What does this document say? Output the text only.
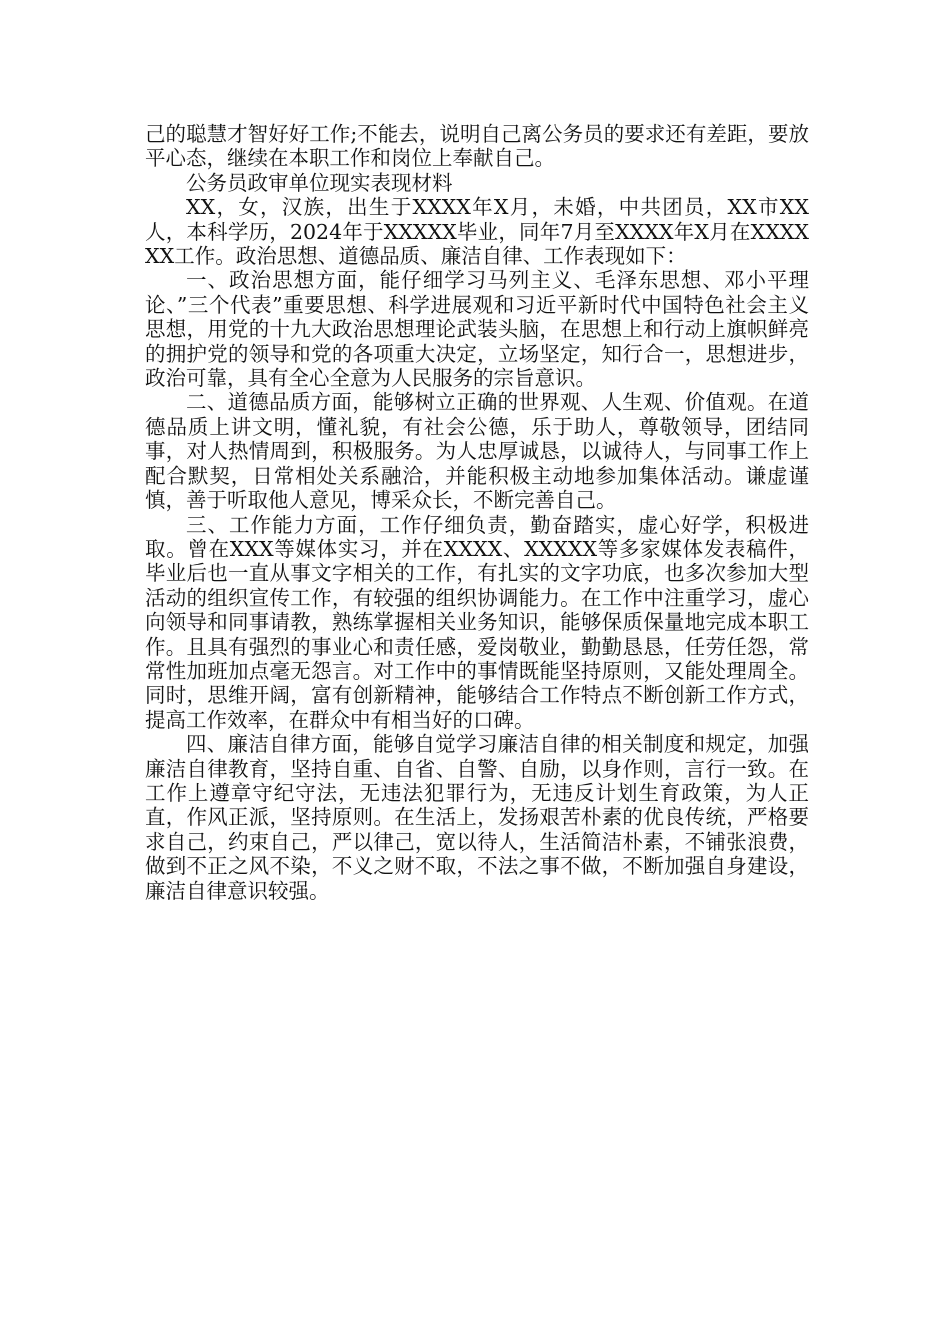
己的聪慧才智好好工作;不能去，说明自己离公务员的要求还有差距，要放平心态，继续在本职工作和岗位上奉献自己。

公务员政审单位现实表现材料

XX，女，汉族，出生于XXXX年X月，未婚，中共团员，XX市XX人，本科学历，2024年于XXXXX毕业，同年7月至XXXX年X月在XXXXXX工作。政治思想、道德品质、廉洁自律、工作表现如下：

一、政治思想方面，能仔细学习马列主义、毛泽东思想、邓小平理论、”三个代表”重要思想、科学进展观和习近平新时代中国特色社会主义思想，用党的十九大政治思想理论武装头脑，在思想上和行动上旗帜鲜亮的拥护党的领导和党的各项重大决定，立场坚定，知行合一，思想进步，政治可靠，具有全心全意为人民服务的宗旨意识。

二、道德品质方面，能够树立正确的世界观、人生观、价值观。在道德品质上讲文明，懂礼貌，有社会公德，乐于助人，尊敬领导，团结同事，对人热情周到，积极服务。为人忠厚诚恳，以诚待人，与同事工作上配合默契，日常相处关系融洽，并能积极主动地参加集体活动。谦虚谨慎，善于听取他人意见，博采众长，不断完善自己。

三、工作能力方面，工作仔细负责，勤奋踏实，虚心好学，积极进取。曾在XXX等媒体实习，并在XXXX、XXXXX等多家媒体发表稿件，毕业后也一直从事文字相关的工作，有扎实的文字功底，也多次参加大型活动的组织宣传工作，有较强的组织协调能力。在工作中注重学习，虚心向领导和同事请教，熟练掌握相关业务知识，能够保质保量地完成本职工作。且具有强烈的事业心和责任感，爱岗敬业，勤勤恳恳，任劳任怨，常常性加班加点毫无怨言。对工作中的事情既能坚持原则，又能处理周全。同时，思维开阔，富有创新精神，能够结合工作特点不断创新工作方式，提高工作效率，在群众中有相当好的口碑。

四、廉洁自律方面，能够自觉学习廉洁自律的相关制度和规定，加强廉洁自律教育，坚持自重、自省、自警、自励，以身作则，言行一致。在工作上遵章守纪守法，无违法犯罪行为，无违反计划生育政策，为人正直，作风正派，坚持原则。在生活上，发扬艰苦朴素的优良传统，严格要求自己，约束自己，严以律己，宽以待人，生活简洁朴素，不铺张浪费，做到不正之风不染，不义之财不取，不法之事不做，不断加强自身建设，廉洁自律意识较强。
